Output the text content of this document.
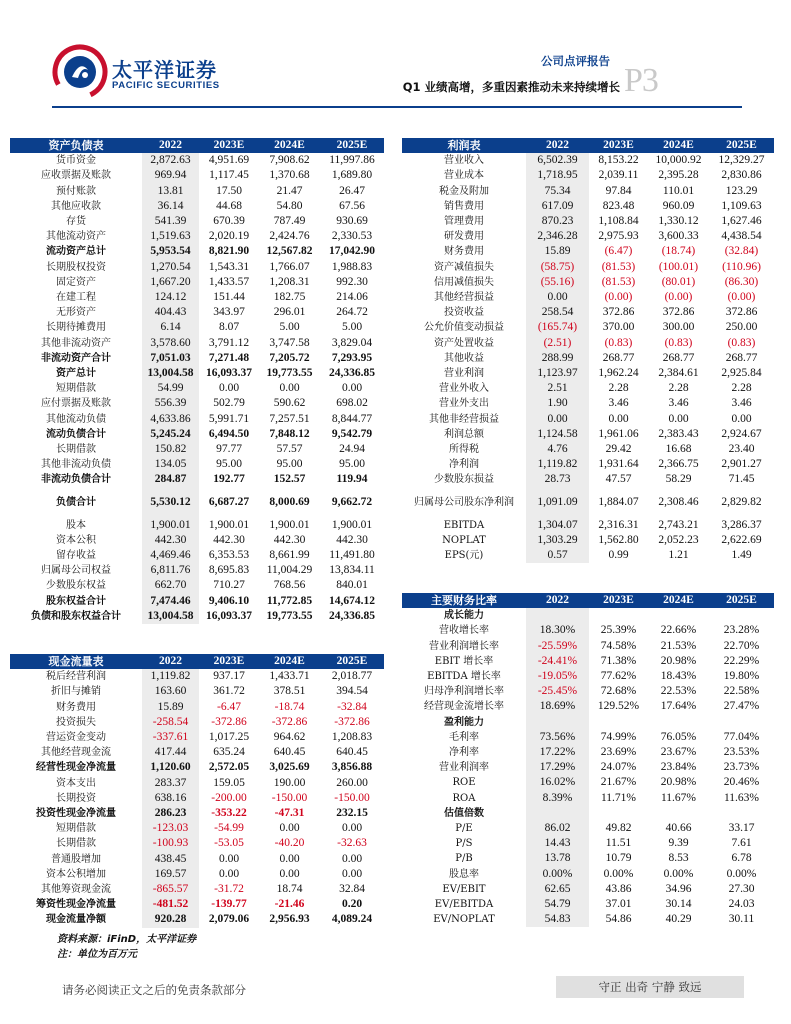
太平洋证券
PACIFIC SECURITIES
公司点评报告
Q1 业绩高增，多重因素推动未来持续增长 P3
资产负债表	2022	2023E	2024E	2025E
货币资金	2,872.63	4,951.69	7,908.62	11,997.86
应收票据及账款	969.94	1,117.45	1,370.68	1,689.80
预付账款	13.81	17.50	21.47	26.47
其他应收款	36.14	44.68	54.80	67.56
存货	541.39	670.39	787.49	930.69
其他流动资产	1,519.63	2,020.19	2,424.76	2,330.53
流动资产总计	5,953.54	8,821.90	12,567.82	17,042.90
长期股权投资	1,270.54	1,543.31	1,766.07	1,988.83
固定资产	1,667.20	1,433.57	1,208.31	992.30
在建工程	124.12	151.44	182.75	214.06
无形资产	404.43	343.97	296.01	264.72
长期待摊费用	6.14	8.07	5.00	5.00
其他非流动资产	3,578.60	3,791.12	3,747.58	3,829.04
非流动资产合计	7,051.03	7,271.48	7,205.72	7,293.95
资产总计	13,004.58	16,093.37	19,773.55	24,336.85
短期借款	54.99	0.00	0.00	0.00
应付票据及账款	556.39	502.79	590.62	698.02
其他流动负债	4,633.86	5,991.71	7,257.51	8,844.77
流动负债合计	5,245.24	6,494.50	7,848.12	9,542.79
长期借款	150.82	97.77	57.57	24.94
其他非流动负债	134.05	95.00	95.00	95.00
非流动负债合计	284.87	192.77	152.57	119.94
负债合计	5,530.12	6,687.27	8,000.69	9,662.72
股本	1,900.01	1,900.01	1,900.01	1,900.01
资本公积	442.30	442.30	442.30	442.30
留存收益	4,469.46	6,353.53	8,661.99	11,491.80
归属母公司权益	6,811.76	8,695.83	11,004.29	13,834.11
少数股东权益	662.70	710.27	768.56	840.01
股东权益合计	7,474.46	9,406.10	11,772.85	14,674.12
负债和股东权益合计	13,004.58	16,093.37	19,773.55	24,336.85
现金流量表	2022	2023E	2024E	2025E
税后经营利润	1,119.82	937.17	1,433.71	2,018.77
折旧与摊销	163.60	361.72	378.51	394.54
财务费用	15.89	-6.47	-18.74	-32.84
投资损失	-258.54	-372.86	-372.86	-372.86
营运资金变动	-337.61	1,017.25	964.62	1,208.83
其他经营现金流	417.44	635.24	640.45	640.45
经营性现金净流量	1,120.60	2,572.05	3,025.69	3,856.88
资本支出	283.37	159.05	190.00	260.00
长期投资	638.16	-200.00	-150.00	-150.00
投资性现金净流量	286.23	-353.22	-47.31	232.15
短期借款	-123.03	-54.99	0.00	0.00
长期借款	-100.93	-53.05	-40.20	-32.63
普通股增加	438.45	0.00	0.00	0.00
资本公积增加	169.57	0.00	0.00	0.00
其他筹资现金流	-865.57	-31.72	18.74	32.84
筹资性现金净流量	-481.52	-139.77	-21.46	0.20
现金流量净额	920.28	2,079.06	2,956.93	4,089.24
利润表	2022	2023E	2024E	2025E
营业收入	6,502.39	8,153.22	10,000.92	12,329.27
营业成本	1,718.95	2,039.11	2,395.28	2,830.86
税金及附加	75.34	97.84	110.01	123.29
销售费用	617.09	823.48	960.09	1,109.63
管理费用	870.23	1,108.84	1,330.12	1,627.46
研发费用	2,346.28	2,975.93	3,600.33	4,438.54
财务费用	15.89	(6.47)	(18.74)	(32.84)
资产减值损失	(58.75)	(81.53)	(100.01)	(110.96)
信用减值损失	(55.16)	(81.53)	(80.01)	(86.30)
其他经营损益	0.00	(0.00)	(0.00)	(0.00)
投资收益	258.54	372.86	372.86	372.86
公允价值变动损益	(165.74)	370.00	300.00	250.00
资产处置收益	(2.51)	(0.83)	(0.83)	(0.83)
其他收益	288.99	268.77	268.77	268.77
营业利润	1,123.97	1,962.24	2,384.61	2,925.84
营业外收入	2.51	2.28	2.28	2.28
营业外支出	1.90	3.46	3.46	3.46
其他非经营损益	0.00	0.00	0.00	0.00
利润总额	1,124.58	1,961.06	2,383.43	2,924.67
所得税	4.76	29.42	16.68	23.40
净利润	1,119.82	1,931.64	2,366.75	2,901.27
少数股东损益	28.73	47.57	58.29	71.45
归属母公司股东净利润	1,091.09	1,884.07	2,308.46	2,829.82
EBITDA	1,304.07	2,316.31	2,743.21	3,286.37
NOPLAT	1,303.29	1,562.80	2,052.23	2,622.69
EPS(元)	0.57	0.99	1.21	1.49
主要财务比率	2022	2023E	2024E	2025E
成长能力				
营收增长率	18.30%	25.39%	22.66%	23.28%
营业利润增长率	-25.59%	74.58%	21.53%	22.70%
EBIT 增长率	-24.41%	71.38%	20.98%	22.29%
EBITDA 增长率	-19.05%	77.62%	18.43%	19.80%
归母净利润增长率	-25.45%	72.68%	22.53%	22.58%
经营现金流增长率	18.69%	129.52%	17.64%	27.47%
盈利能力				
毛利率	73.56%	74.99%	76.05%	77.04%
净利率	17.22%	23.69%	23.67%	23.53%
营业利润率	17.29%	24.07%	23.84%	23.73%
ROE	16.02%	21.67%	20.98%	20.46%
ROA	8.39%	11.71%	11.67%	11.63%
估值倍数				
P/E	86.02	49.82	40.66	33.17
P/S	14.43	11.51	9.39	7.61
P/B	13.78	10.79	8.53	6.78
股息率	0.00%	0.00%	0.00%	0.00%
EV/EBIT	62.65	43.86	34.96	27.30
EV/EBITDA	54.79	37.01	30.14	24.03
EV/NOPLAT	54.83	54.86	40.29	30.11
资料来源：iFinD，太平洋证券
注：单位为百万元
请务必阅读正文之后的免责条款部分	守正 出奇 宁静 致远
